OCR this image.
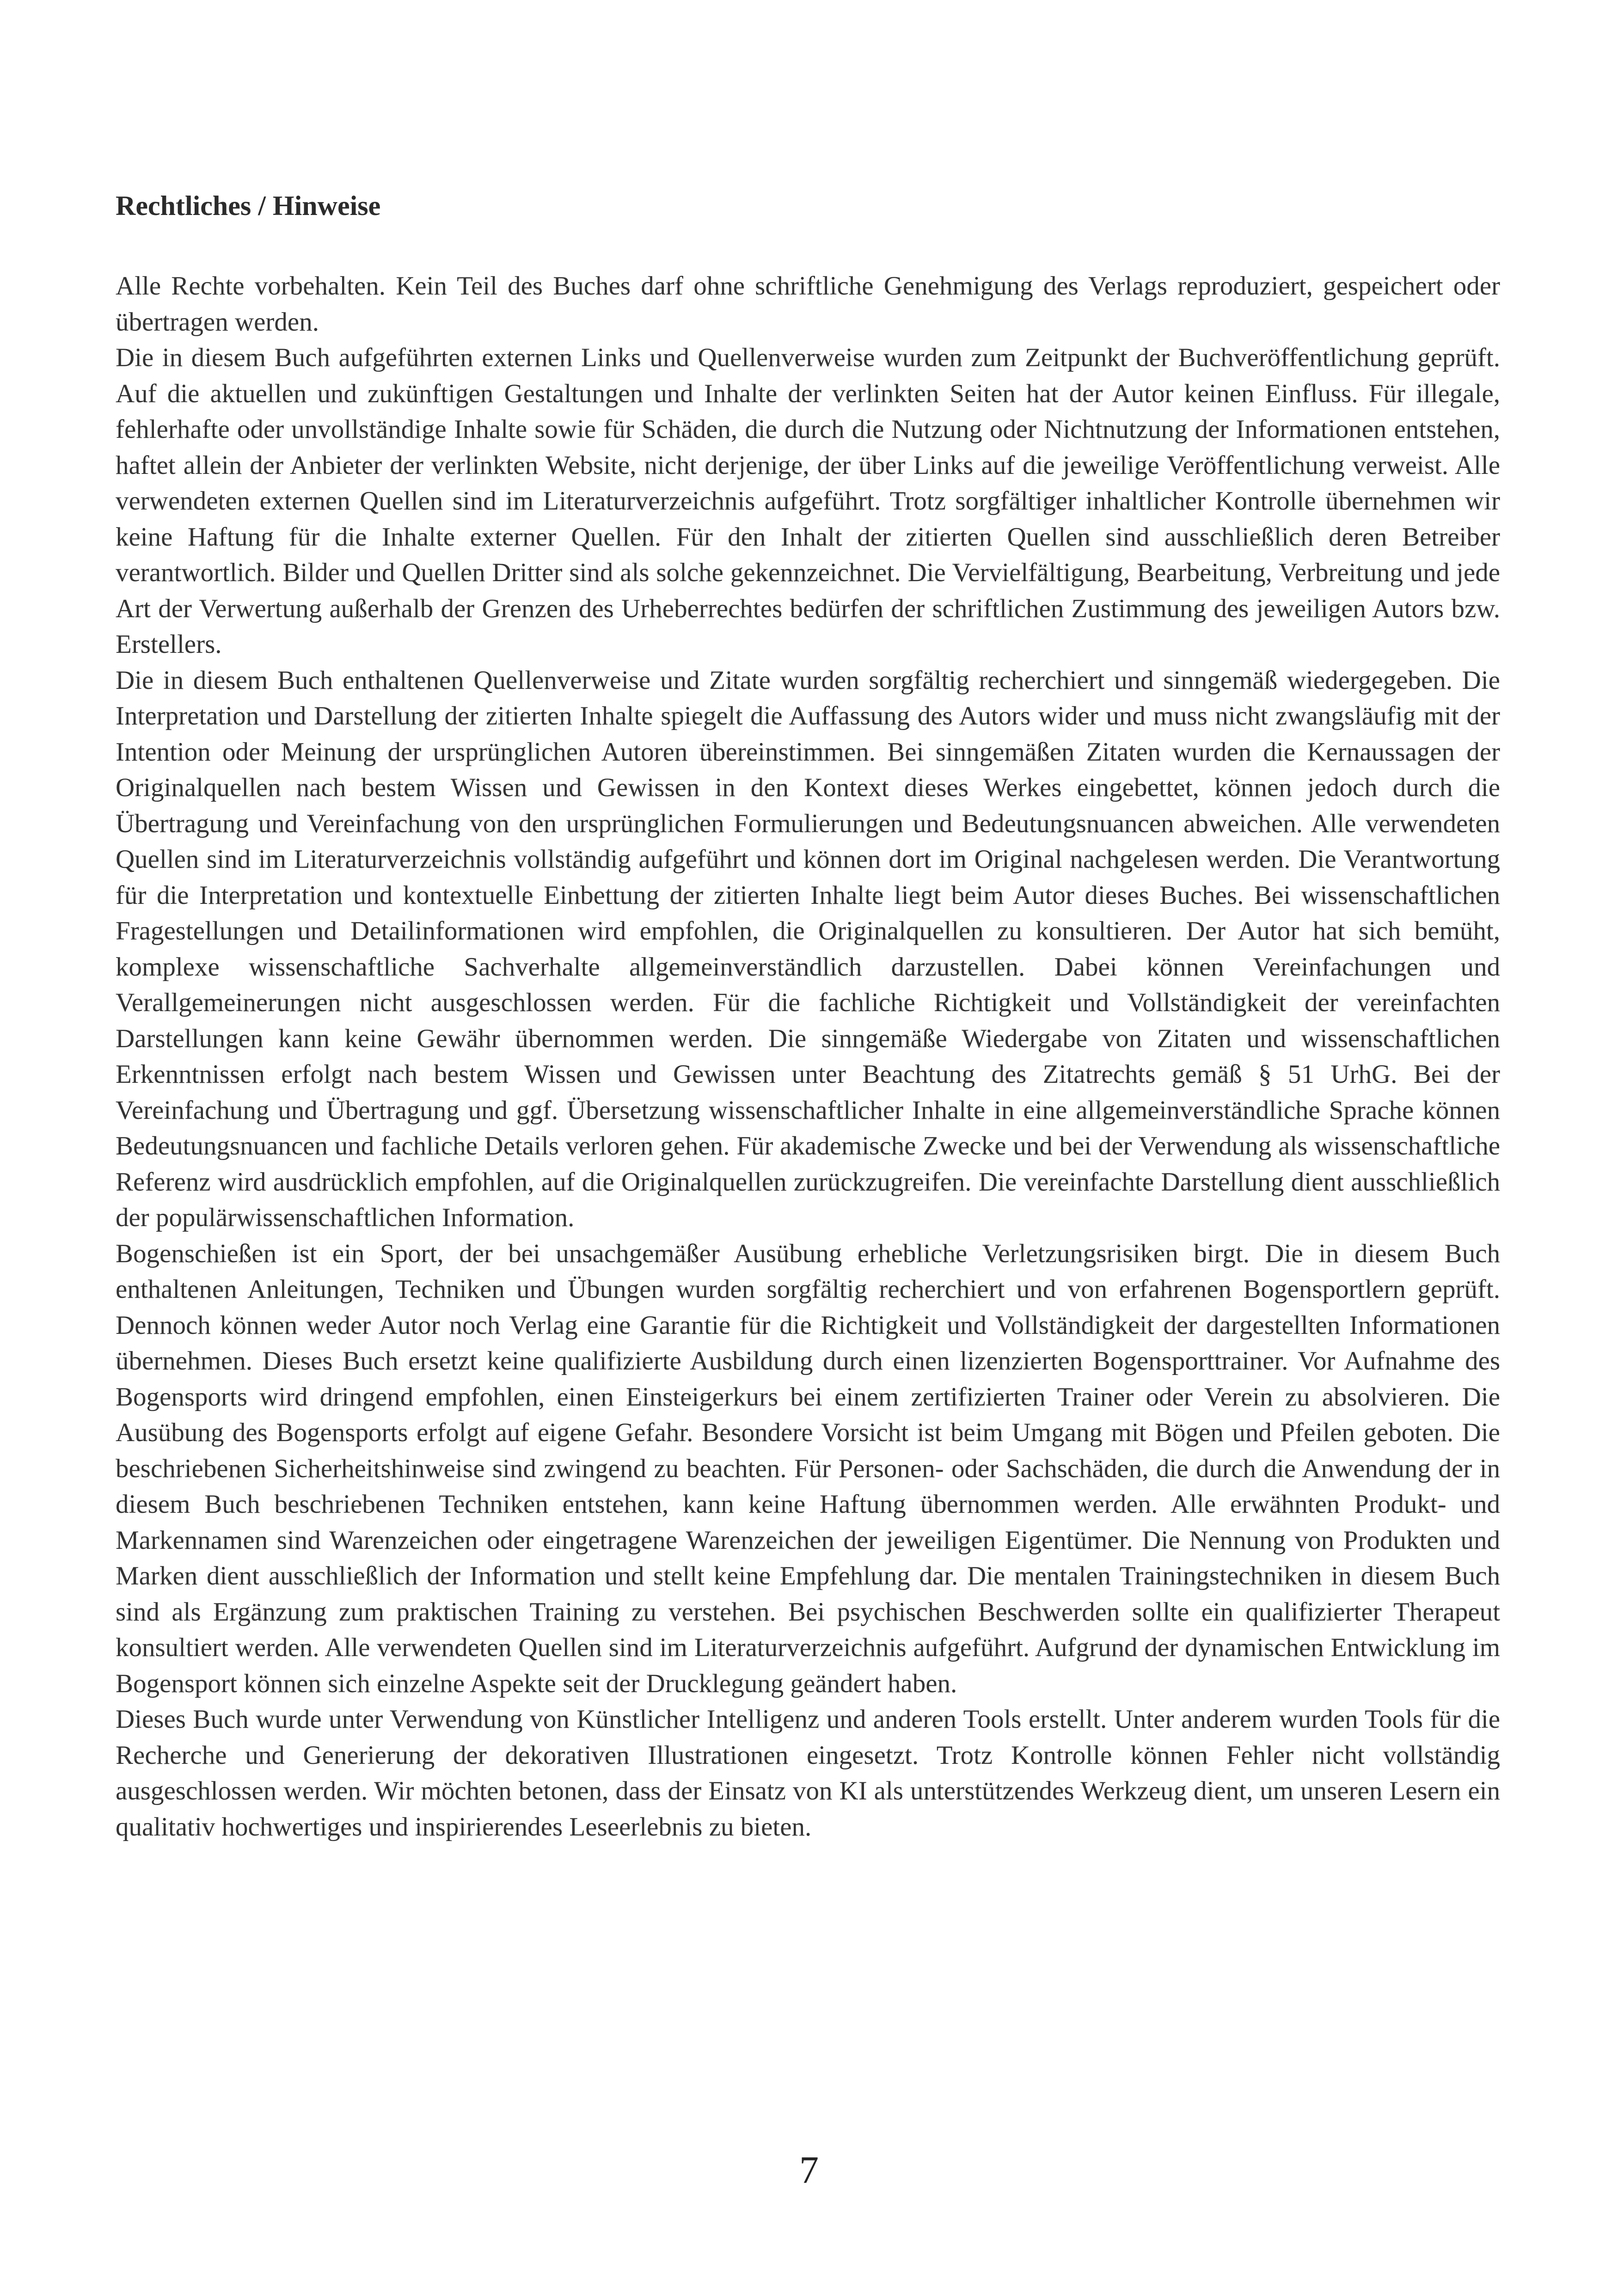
Rechtliches / Hinweise

Alle Rechte vorbehalten. Kein Teil des Buches darf ohne schriftliche Genehmigung des Verlags reproduziert, gespeichert oder übertragen werden.

Die in diesem Buch aufgeführten externen Links und Quellenverweise wurden zum Zeitpunkt der Buchveröffentlichung geprüft. Auf die aktuellen und zukünftigen Gestaltungen und Inhalte der verlinkten Seiten hat der Autor keinen Einfluss. Für illegale, fehlerhafte oder unvollständige Inhalte sowie für Schäden, die durch die Nutzung oder Nichtnutzung der Informationen entstehen, haftet allein der Anbieter der verlinkten Website, nicht derjenige, der über Links auf die jeweilige Veröffentlichung verweist. Alle verwendeten externen Quellen sind im Literaturverzeichnis aufgeführt. Trotz sorgfältiger inhaltlicher Kontrolle übernehmen wir keine Haftung für die Inhalte externer Quellen. Für den Inhalt der zitierten Quellen sind ausschließlich deren Betreiber verantwortlich. Bilder und Quellen Dritter sind als solche gekennzeichnet. Die Vervielfältigung, Bearbeitung, Verbreitung und jede Art der Verwertung außerhalb der Grenzen des Urheberrechtes bedürfen der schriftlichen Zustimmung des jeweiligen Autors bzw. Erstellers.

Die in diesem Buch enthaltenen Quellenverweise und Zitate wurden sorgfältig recherchiert und sinngemäß wiedergegeben. Die Interpretation und Darstellung der zitierten Inhalte spiegelt die Auffassung des Autors wider und muss nicht zwangsläufig mit der Intention oder Meinung der ursprünglichen Autoren übereinstimmen. Bei sinngemäßen Zitaten wurden die Kernaussagen der Originalquellen nach bestem Wissen und Gewissen in den Kontext dieses Werkes eingebettet, können jedoch durch die Übertragung und Vereinfachung von den ursprünglichen Formulierungen und Bedeutungsnuancen abweichen. Alle verwendeten Quellen sind im Literaturverzeichnis vollständig aufgeführt und können dort im Original nachgelesen werden. Die Verantwortung für die Interpretation und kontextuelle Einbettung der zitierten Inhalte liegt beim Autor dieses Buches. Bei wissenschaftlichen Fragestellungen und Detailinformationen wird empfohlen, die Originalquellen zu konsultieren. Der Autor hat sich bemüht, komplexe wissenschaftliche Sachverhalte allgemeinverständlich darzustellen. Dabei können Vereinfachungen und Verallgemeinerungen nicht ausgeschlossen werden. Für die fachliche Richtigkeit und Vollständigkeit der vereinfachten Darstellungen kann keine Gewähr übernommen werden. Die sinngemäße Wiedergabe von Zitaten und wissenschaftlichen Erkenntnissen erfolgt nach bestem Wissen und Gewissen unter Beachtung des Zitatrechts gemäß § 51 UrhG. Bei der Vereinfachung und Übertragung und ggf. Übersetzung wissenschaftlicher Inhalte in eine allgemeinverständliche Sprache können Bedeutungsnuancen und fachliche Details verloren gehen. Für akademische Zwecke und bei der Verwendung als wissenschaftliche Referenz wird ausdrücklich empfohlen, auf die Originalquellen zurückzugreifen. Die vereinfachte Darstellung dient ausschließlich der populärwissenschaftlichen Information.

Bogenschießen ist ein Sport, der bei unsachgemäßer Ausübung erhebliche Verletzungsrisiken birgt. Die in diesem Buch enthaltenen Anleitungen, Techniken und Übungen wurden sorgfältig recherchiert und von erfahrenen Bogensportlern geprüft. Dennoch können weder Autor noch Verlag eine Garantie für die Richtigkeit und Vollständigkeit der dargestellten Informationen übernehmen. Dieses Buch ersetzt keine qualifizierte Ausbildung durch einen lizenzierten Bogensporttrainer. Vor Aufnahme des Bogensports wird dringend empfohlen, einen Einsteigerkurs bei einem zertifizierten Trainer oder Verein zu absolvieren. Die Ausübung des Bogensports erfolgt auf eigene Gefahr. Besondere Vorsicht ist beim Umgang mit Bögen und Pfeilen geboten. Die beschriebenen Sicherheitshinweise sind zwingend zu beachten. Für Personen- oder Sachschäden, die durch die Anwendung der in diesem Buch beschriebenen Techniken entstehen, kann keine Haftung übernommen werden. Alle erwähnten Produkt- und Markennamen sind Warenzeichen oder eingetragene Warenzeichen der jeweiligen Eigentümer. Die Nennung von Produkten und Marken dient ausschließlich der Information und stellt keine Empfehlung dar. Die mentalen Trainingstechniken in diesem Buch sind als Ergänzung zum praktischen Training zu verstehen. Bei psychischen Beschwerden sollte ein qualifizierter Therapeut konsultiert werden. Alle verwendeten Quellen sind im Literaturverzeichnis aufgeführt. Aufgrund der dynamischen Entwicklung im Bogensport können sich einzelne Aspekte seit der Drucklegung geändert haben.

Dieses Buch wurde unter Verwendung von Künstlicher Intelligenz und anderen Tools erstellt. Unter anderem wurden Tools für die Recherche und Generierung der dekorativen Illustrationen eingesetzt. Trotz Kontrolle können Fehler nicht vollständig ausgeschlossen werden. Wir möchten betonen, dass der Einsatz von KI als unterstützendes Werkzeug dient, um unseren Lesern ein qualitativ hochwertiges und inspirierendes Leseerlebnis zu bieten.

7
